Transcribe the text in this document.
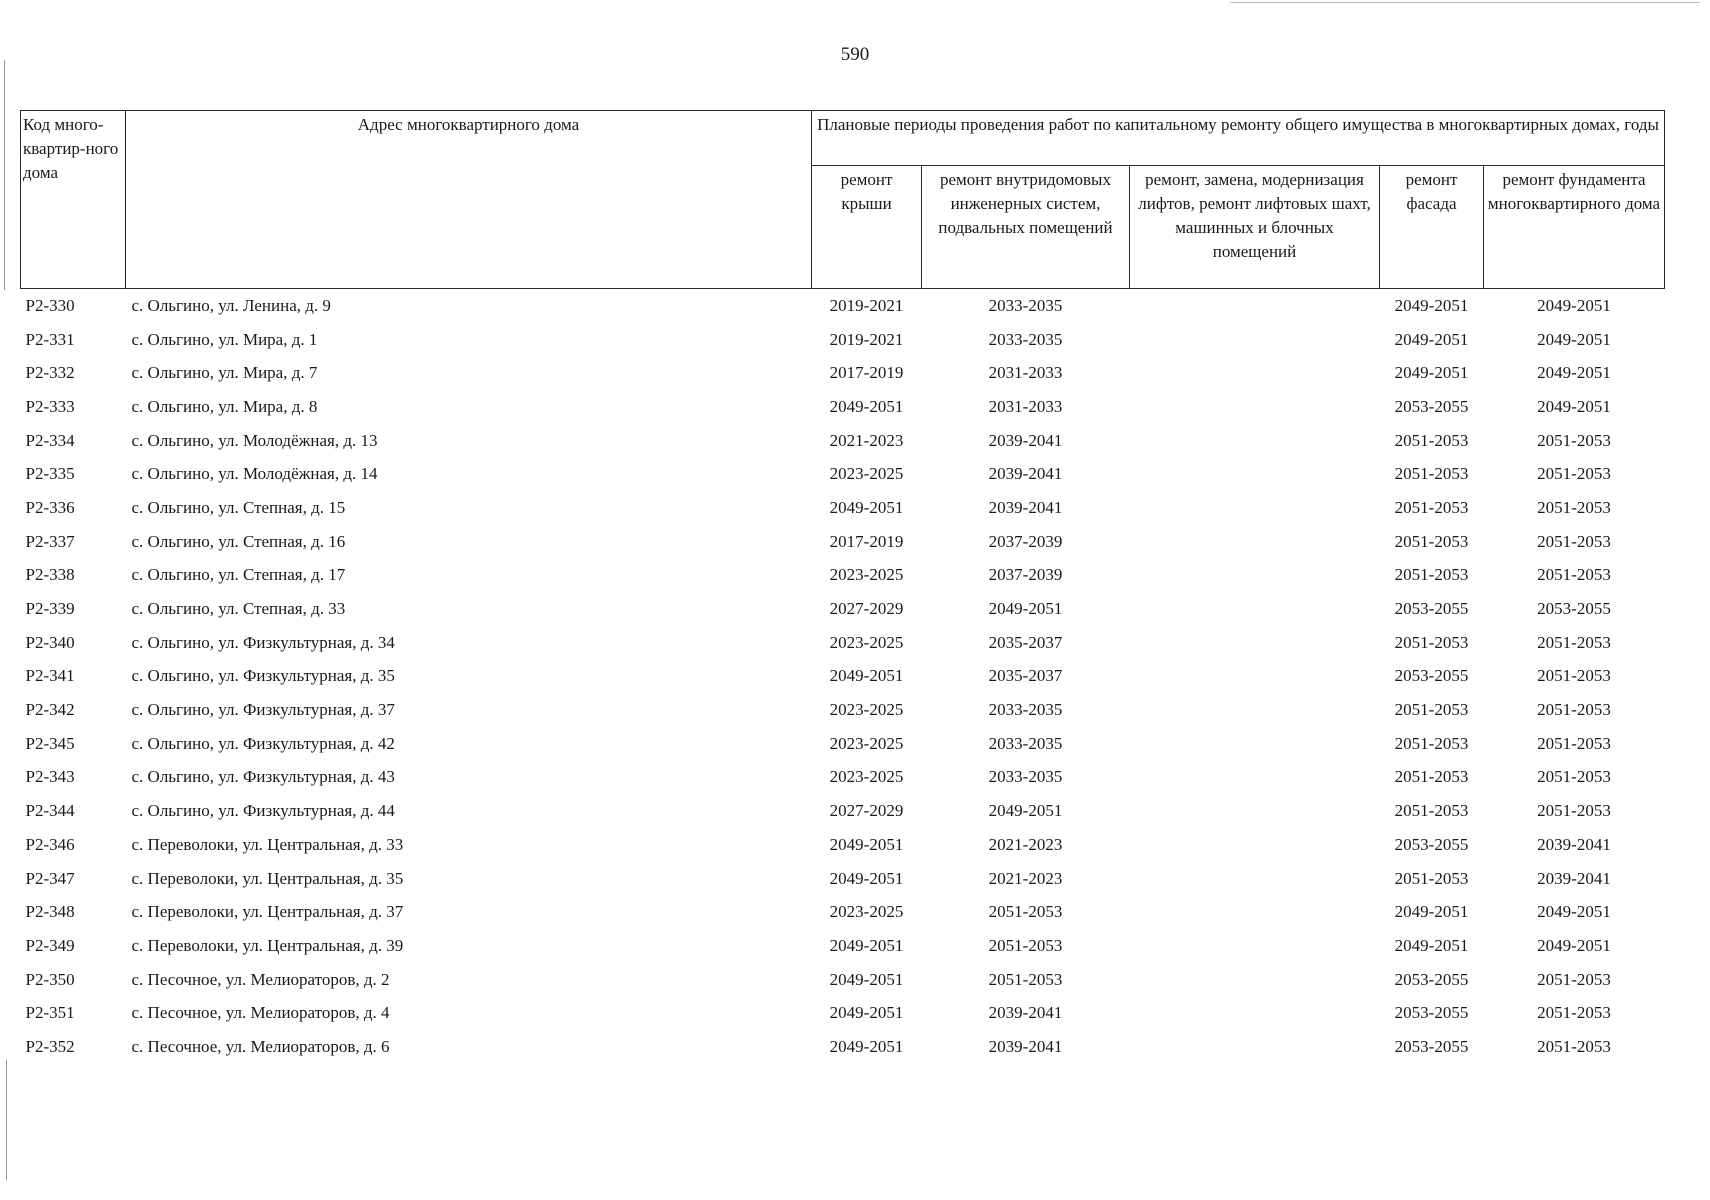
590
Код много-квартир-ного дома	Адрес многоквартирного дома	Плановые периоды проведения работ по капитальному ремонту общего имущества в многоквартирных домах, годы				
		ремонт крыши	ремонт внутридомовых инженерных систем, подвальных помещений	ремонт, замена, модернизация лифтов, ремонт лифтовых шахт, машинных и блочных помещений	ремонт фасада	ремонт фундамента многоквартирного дома
P2-330	с. Ольгино, ул. Ленина, д. 9	2019-2021	2033-2035		2049-2051	2049-2051
P2-331	с. Ольгино, ул. Мира, д. 1	2019-2021	2033-2035		2049-2051	2049-2051
P2-332	с. Ольгино, ул. Мира, д. 7	2017-2019	2031-2033		2049-2051	2049-2051
P2-333	с. Ольгино, ул. Мира, д. 8	2049-2051	2031-2033		2053-2055	2049-2051
P2-334	с. Ольгино, ул. Молодёжная, д. 13	2021-2023	2039-2041		2051-2053	2051-2053
P2-335	с. Ольгино, ул. Молодёжная, д. 14	2023-2025	2039-2041		2051-2053	2051-2053
P2-336	с. Ольгино, ул. Степная, д. 15	2049-2051	2039-2041		2051-2053	2051-2053
P2-337	с. Ольгино, ул. Степная, д. 16	2017-2019	2037-2039		2051-2053	2051-2053
P2-338	с. Ольгино, ул. Степная, д. 17	2023-2025	2037-2039		2051-2053	2051-2053
P2-339	с. Ольгино, ул. Степная, д. 33	2027-2029	2049-2051		2053-2055	2053-2055
P2-340	с. Ольгино, ул. Физкультурная, д. 34	2023-2025	2035-2037		2051-2053	2051-2053
P2-341	с. Ольгино, ул. Физкультурная, д. 35	2049-2051	2035-2037		2053-2055	2051-2053
P2-342	с. Ольгино, ул. Физкультурная, д. 37	2023-2025	2033-2035		2051-2053	2051-2053
P2-345	с. Ольгино, ул. Физкультурная, д. 42	2023-2025	2033-2035		2051-2053	2051-2053
P2-343	с. Ольгино, ул. Физкультурная, д. 43	2023-2025	2033-2035		2051-2053	2051-2053
P2-344	с. Ольгино, ул. Физкультурная, д. 44	2027-2029	2049-2051		2051-2053	2051-2053
P2-346	с. Переволоки, ул. Центральная, д. 33	2049-2051	2021-2023		2053-2055	2039-2041
P2-347	с. Переволоки, ул. Центральная, д. 35	2049-2051	2021-2023		2051-2053	2039-2041
P2-348	с. Переволоки, ул. Центральная, д. 37	2023-2025	2051-2053		2049-2051	2049-2051
P2-349	с. Переволоки, ул. Центральная, д. 39	2049-2051	2051-2053		2049-2051	2049-2051
P2-350	с. Песочное, ул. Мелиораторов, д. 2	2049-2051	2051-2053		2053-2055	2051-2053
P2-351	с. Песочное, ул. Мелиораторов, д. 4	2049-2051	2039-2041		2053-2055	2051-2053
P2-352	с. Песочное, ул. Мелиораторов, д. 6	2049-2051	2039-2041		2053-2055	2051-2053
